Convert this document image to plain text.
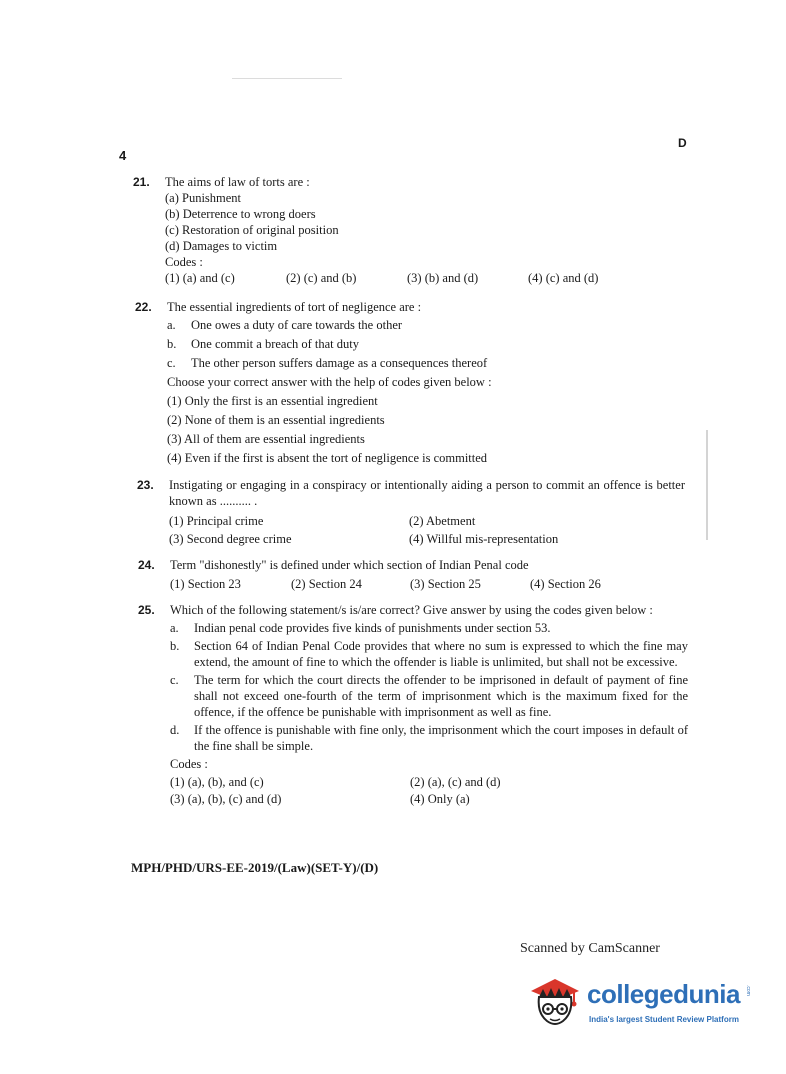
4
D
21. The aims of law of torts are :
(a) Punishment
(b) Deterrence to wrong doers
(c) Restoration of original position
(d) Damages to victim
Codes :
(1) (a) and (c)	(2) (c) and (b)	(3) (b) and (d)	(4) (c) and (d)
22. The essential ingredients of tort of negligence are :
a. One owes a duty of care towards the other
b. One commit a breach of that duty
c. The other person suffers damage as a consequences thereof
Choose your correct answer with the help of codes given below :
(1) Only the first is an essential ingredient
(2) None of them is an essential ingredients
(3) All of them are essential ingredients
(4) Even if the first is absent the tort of negligence is committed
23. Instigating or engaging in a conspiracy or intentionally aiding a person to commit an offence is better known as .......... .
(1) Principal crime	(2) Abetment
(3) Second degree crime	(4) Willful mis-representation
24. Term "dishonestly" is defined under which section of Indian Penal code
(1) Section 23	(2) Section 24	(3) Section 25	(4) Section 26
25. Which of the following statement/s is/are correct? Give answer by using the codes given below :
a. Indian penal code provides five kinds of punishments under section 53.
b. Section 64 of Indian Penal Code provides that where no sum is expressed to which the fine may extend, the amount of fine to which the offender is liable is unlimited, but shall not be excessive.
c. The term for which the court directs the offender to be imprisoned in default of payment of fine shall not exceed one-fourth of the term of imprisonment which is the maximum fixed for the offence, if the offence be punishable with imprisonment as well as fine.
d. If the offence is punishable with fine only, the imprisonment which the court imposes in default of the fine shall be simple.
Codes :
(1) (a), (b), and (c)	(2) (a), (c) and (d)
(3) (a), (b), (c) and (d)	(4) Only (a)
MPH/PHD/URS-EE-2019/(Law)(SET-Y)/(D)
Scanned by CamScanner
collegedunia .com
India's largest Student Review Platform
